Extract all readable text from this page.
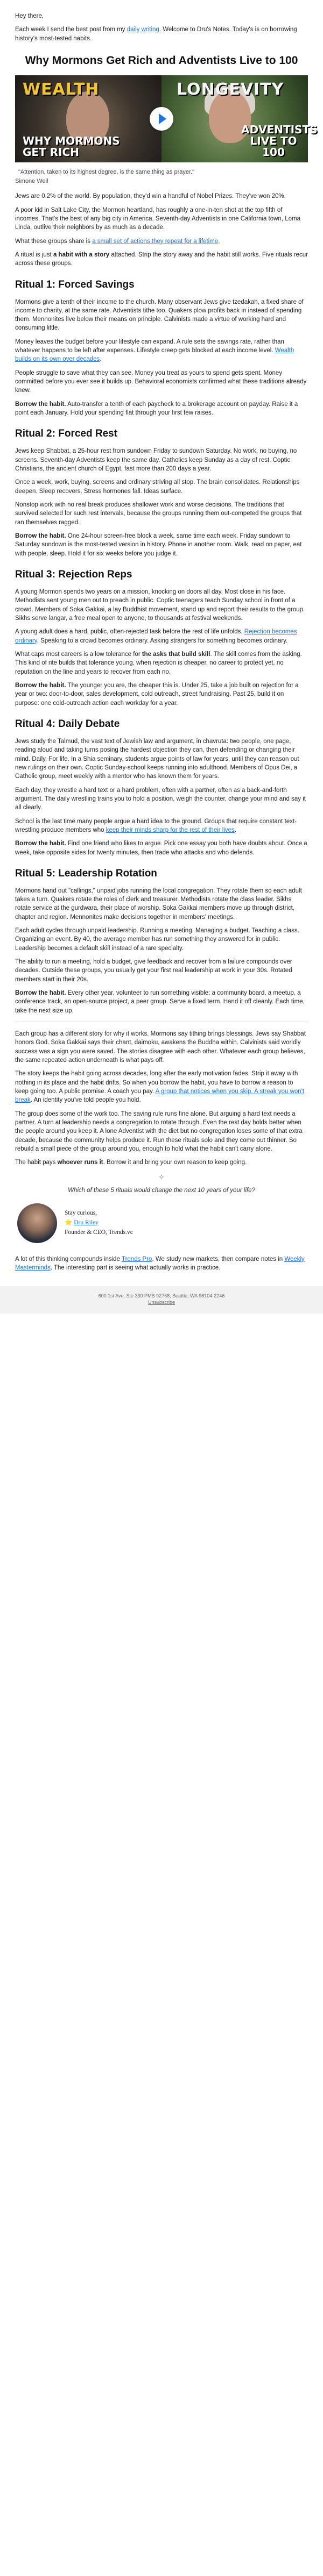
Hey there,

Each week I send the best post from my daily writing. Welcome to Dru's Notes. Today's is on borrowing history's most-tested habits.

Why Mormons Get Rich and Adventists Live to 100
WEALTH	LONGEVITY
WHY MORMONS GET RICH
ADVENTISTS LIVE TO 100
"Attention, taken to its highest degree, is the same thing as prayer."
Simone Weil

Jews are 0.2% of the world. By population, they'd win a handful of Nobel Prizes. They've won 20%.

A poor kid in Salt Lake City, the Mormon heartland, has roughly a one-in-ten shot at the top fifth of incomes. That's the best of any big city in America. Seventh-day Adventists in one California town, Loma Linda, outlive their neighbors by as much as a decade.

What these groups share is a small set of actions they repeat for a lifetime.

A ritual is just a habit with a story attached. Strip the story away and the habit still works. Five rituals recur across these groups.

Ritual 1: Forced Savings

Mormons give a tenth of their income to the church. Many observant Jews give tzedakah, a fixed share of income to charity, at the same rate. Adventists tithe too. Quakers plow profits back in instead of spending them. Mennonites live below their means on principle. Calvinists made a virtue of working hard and consuming little.

Money leaves the budget before your lifestyle can expand. A rule sets the savings rate, rather than whatever happens to be left after expenses. Lifestyle creep gets blocked at each income level. Wealth builds on its own over decades.

People struggle to save what they can see. Money you treat as yours to spend gets spent. Money committed before you ever see it builds up. Behavioral economists confirmed what these traditions already knew.

Borrow the habit. Auto-transfer a tenth of each paycheck to a brokerage account on payday. Raise it a point each January. Hold your spending flat through your first few raises.

Ritual 2: Forced Rest

Jews keep Shabbat, a 25-hour rest from sundown Friday to sundown Saturday. No work, no buying, no screens. Seventh-day Adventists keep the same day. Catholics keep Sunday as a day of rest. Coptic Christians, the ancient church of Egypt, fast more than 200 days a year.

Once a week, work, buying, screens and ordinary striving all stop. The brain consolidates. Relationships deepen. Sleep recovers. Stress hormones fall. Ideas surface.

Nonstop work with no real break produces shallower work and worse decisions. The traditions that survived selected for such rest intervals, because the groups running them out-competed the groups that ran themselves ragged.

Borrow the habit. One 24-hour screen-free block a week, same time each week. Friday sundown to Saturday sundown is the most-tested version in history. Phone in another room. Walk, read on paper, eat with people, sleep. Hold it for six weeks before you judge it.

Ritual 3: Rejection Reps

A young Mormon spends two years on a mission, knocking on doors all day. Most close in his face. Methodists sent young men out to preach in public. Coptic teenagers teach Sunday school in front of a crowd. Members of Soka Gakkai, a lay Buddhist movement, stand up and report their results to the group. Sikhs serve langar, a free meal open to anyone, to thousands at festival weekends.

A young adult does a hard, public, often-rejected task before the rest of life unfolds. Rejection becomes ordinary. Speaking to a crowd becomes ordinary. Asking strangers for something becomes ordinary.

What caps most careers is a low tolerance for the asks that build skill. The skill comes from the asking. This kind of rite builds that tolerance young, when rejection is cheaper, no career to protect yet, no reputation on the line and years to recover from each no.

Borrow the habit. The younger you are, the cheaper this is. Under 25, take a job built on rejection for a year or two: door-to-door, sales development, cold outreach, street fundraising. Past 25, build it on purpose: one cold-outreach action each workday for a year.

Ritual 4: Daily Debate

Jews study the Talmud, the vast text of Jewish law and argument, in chavruta: two people, one page, reading aloud and taking turns posing the hardest objection they can, then defending or changing their mind. Daily. For life. In a Shia seminary, students argue points of law for years, until they can reason out new rulings on their own. Coptic Sunday-school keeps running into adulthood. Members of Opus Dei, a Catholic group, meet weekly with a mentor who has known them for years.

Each day, they wrestle a hard text or a hard problem, often with a partner, often as a back-and-forth argument. The daily wrestling trains you to hold a position, weigh the counter, change your mind and say it all clearly.

School is the last time many people argue a hard idea to the ground. Groups that require constant text-wrestling produce members who keep their minds sharp for the rest of their lives.

Borrow the habit. Find one friend who likes to argue. Pick one essay you both have doubts about. Once a week, take opposite sides for twenty minutes, then trade who attacks and who defends.

Ritual 5: Leadership Rotation

Mormons hand out "callings," unpaid jobs running the local congregation. They rotate them so each adult takes a turn. Quakers rotate the roles of clerk and treasurer. Methodists rotate the class leader. Sikhs rotate service at the gurdwara, their place of worship. Soka Gakkai members move up through district, chapter and region. Mennonites make decisions together in members' meetings.

Each adult cycles through unpaid leadership. Running a meeting. Managing a budget. Teaching a class. Organizing an event. By 40, the average member has run something they answered for in public. Leadership becomes a default skill instead of a rare specialty.

The ability to run a meeting, hold a budget, give feedback and recover from a failure compounds over decades. Outside these groups, you usually get your first real leadership at work in your 30s. Rotated members start in their 20s.

Borrow the habit. Every other year, volunteer to run something visible: a community board, a meetup, a conference track, an open-source project, a peer group. Serve a fixed term. Hand it off cleanly. Each time, take the next size up.

Each group has a different story for why it works. Mormons say tithing brings blessings. Jews say Shabbat honors God. Soka Gakkai says their chant, daimoku, awakens the Buddha within. Calvinists said worldly success was a sign you were saved. The stories disagree with each other. Whatever each group believes, the same repeated action underneath is what pays off.

The story keeps the habit going across decades, long after the early motivation fades. Strip it away with nothing in its place and the habit drifts. So when you borrow the habit, you have to borrow a reason to keep going too. A public promise. A coach you pay. A group that notices when you skip. A streak you won't break. An identity you've told people you hold.

The group does some of the work too. The saving rule runs fine alone. But arguing a hard text needs a partner. A turn at leadership needs a congregation to rotate through. Even the rest day holds better when the people around you keep it. A lone Adventist with the diet but no congregation loses some of that extra decade, because the community helps produce it. Run these rituals solo and they come out thinner. So rebuild a small piece of the group around you, enough to hold what the habit can't carry alone.

The habit pays whoever runs it. Borrow it and bring your own reason to keep going.

✧

Which of these 5 rituals would change the next 10 years of your life?

Stay curious,
⭐ Dru Riley
Founder & CEO, Trends.vc

A lot of this thinking compounds inside Trends Pro. We study new markets, then compare notes in Weekly Masterminds. The interesting part is seeing what actually works in practice.

600 1st Ave, Ste 330 PMB 92768, Seattle, WA 98104-2246
Unsubscribe
